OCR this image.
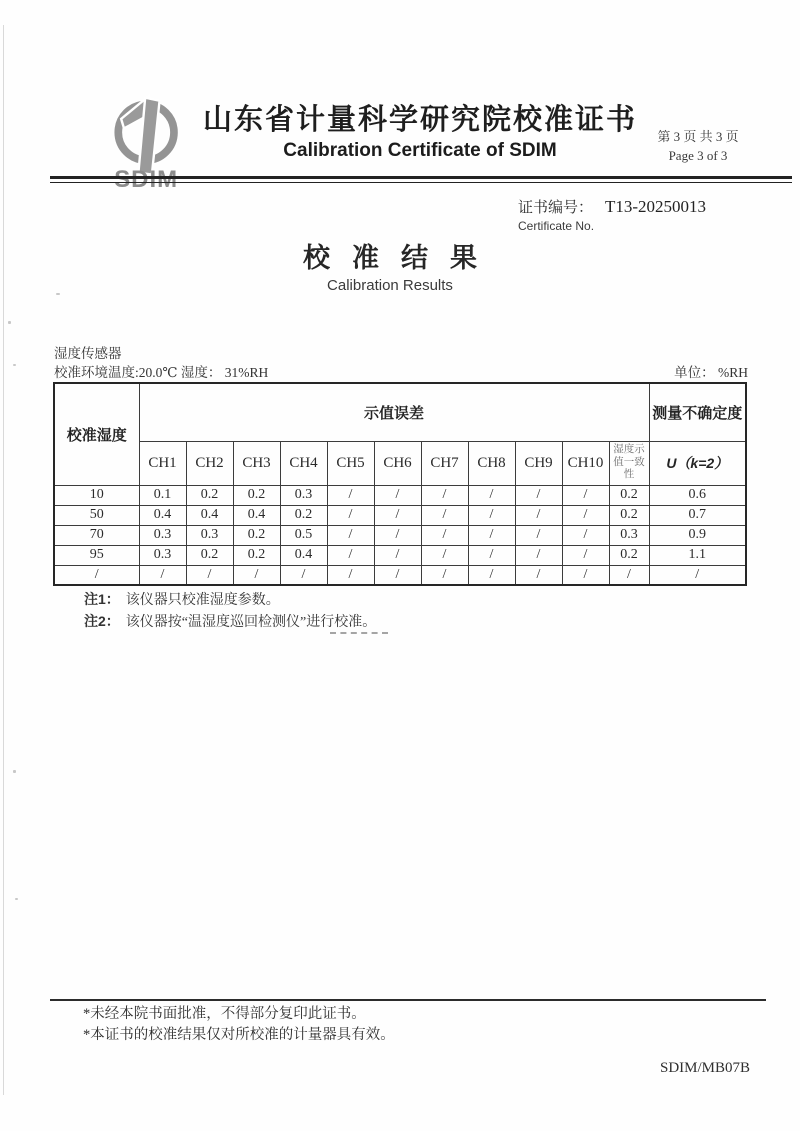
SDIM
山东省计量科学研究院校准证书
Calibration Certificate of SDIM
第 3 页 共 3 页
Page 3 of 3
证书编号： T13-20250013
Certificate No.
校准结果
Calibration Results
湿度传感器
校准环境温度:20.0℃ 湿度： 31%RH	单位： %RH
校准湿度	示值误差											测量不确定度
	CH1	CH2	CH3	CH4	CH5	CH6	CH7	CH8	CH9	CH10	湿度示值一致性	U（k=2）
10	0.1	0.2	0.2	0.3	/	/	/	/	/	/	0.2	0.6
50	0.4	0.4	0.4	0.2	/	/	/	/	/	/	0.2	0.7
70	0.3	0.3	0.2	0.5	/	/	/	/	/	/	0.3	0.9
95	0.3	0.2	0.2	0.4	/	/	/	/	/	/	0.2	1.1
/	/	/	/	/	/	/	/	/	/	/	/	/
注1： 该仪器只校准湿度参数。
注2： 该仪器按“温湿度巡回检测仪”进行校准。
*未经本院书面批准，不得部分复印此证书。
*本证书的校准结果仅对所校准的计量器具有效。
SDIM/MB07B
